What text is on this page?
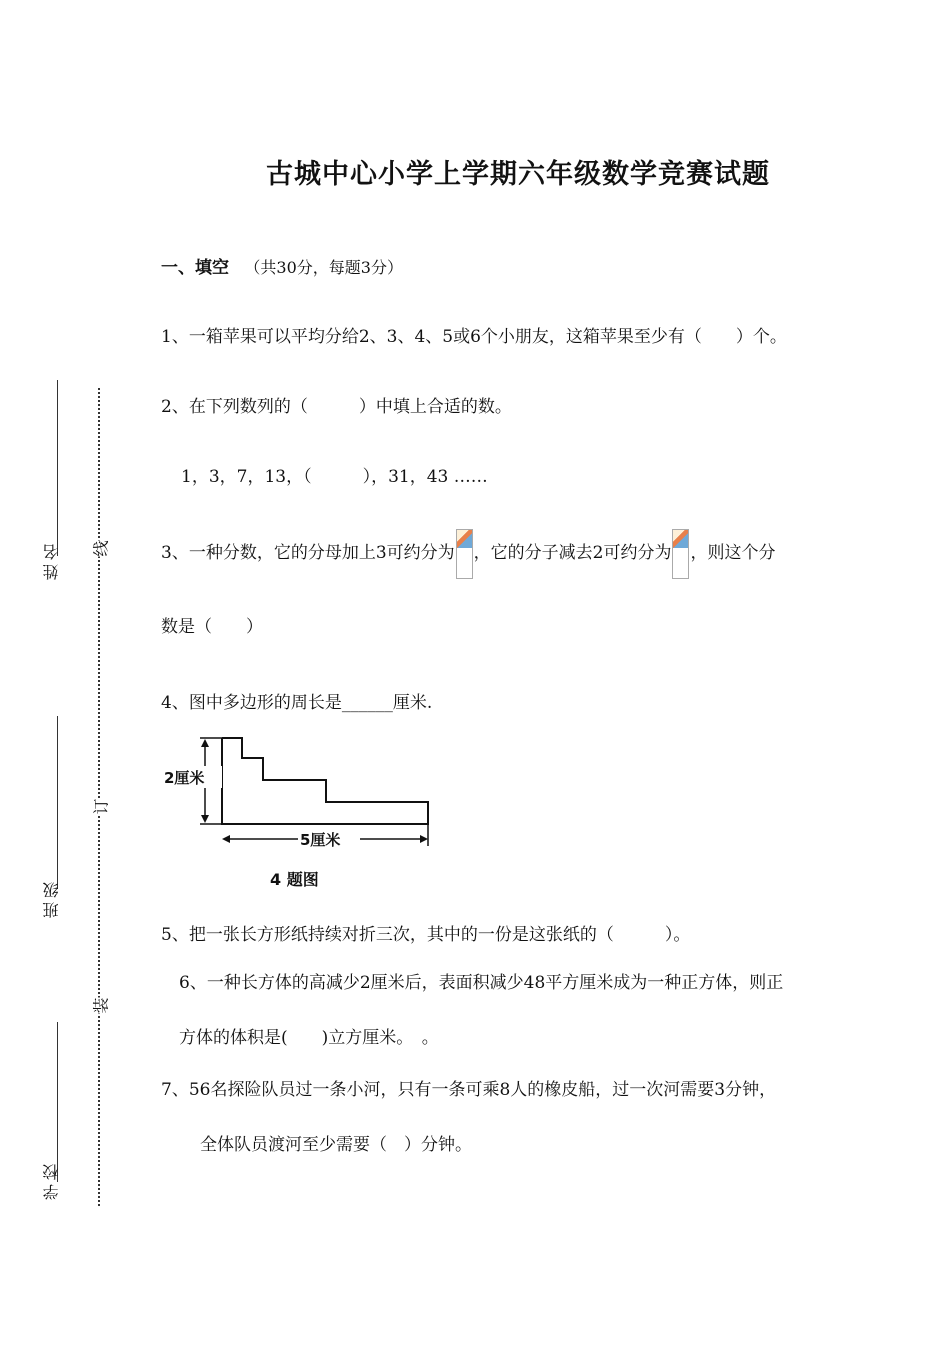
姓名
班级
学校
线
订
装
古城中心小学上学期六年级数学竞赛试题
一、填空 （共30分，每题3分）
1、一箱苹果可以平均分给2、3、4、5或6个小朋友，这箱苹果至少有（　　）个。
2、在下列数列的（　　　）中填上合适的数。
1，3，7，13，（　　　），31，43 ……
3、一种分数，它的分母加上3可约分为 ，它的分子减去2可约分为 ，则这个分
数是（　　）
4、图中多边形的周长是______厘米.
2厘米
5厘米
4 题图
5、把一张长方形纸持续对折三次，其中的一份是这张纸的（　　　）。
6、一种长方体的高减少2厘米后，表面积减少48平方厘米成为一种正方体，则正
方体的体积是(　　)立方厘米。　。
7、56名探险队员过一条小河，只有一条可乘8人的橡皮船，过一次河需要3分钟，
全体队员渡河至少需要（　）分钟。
